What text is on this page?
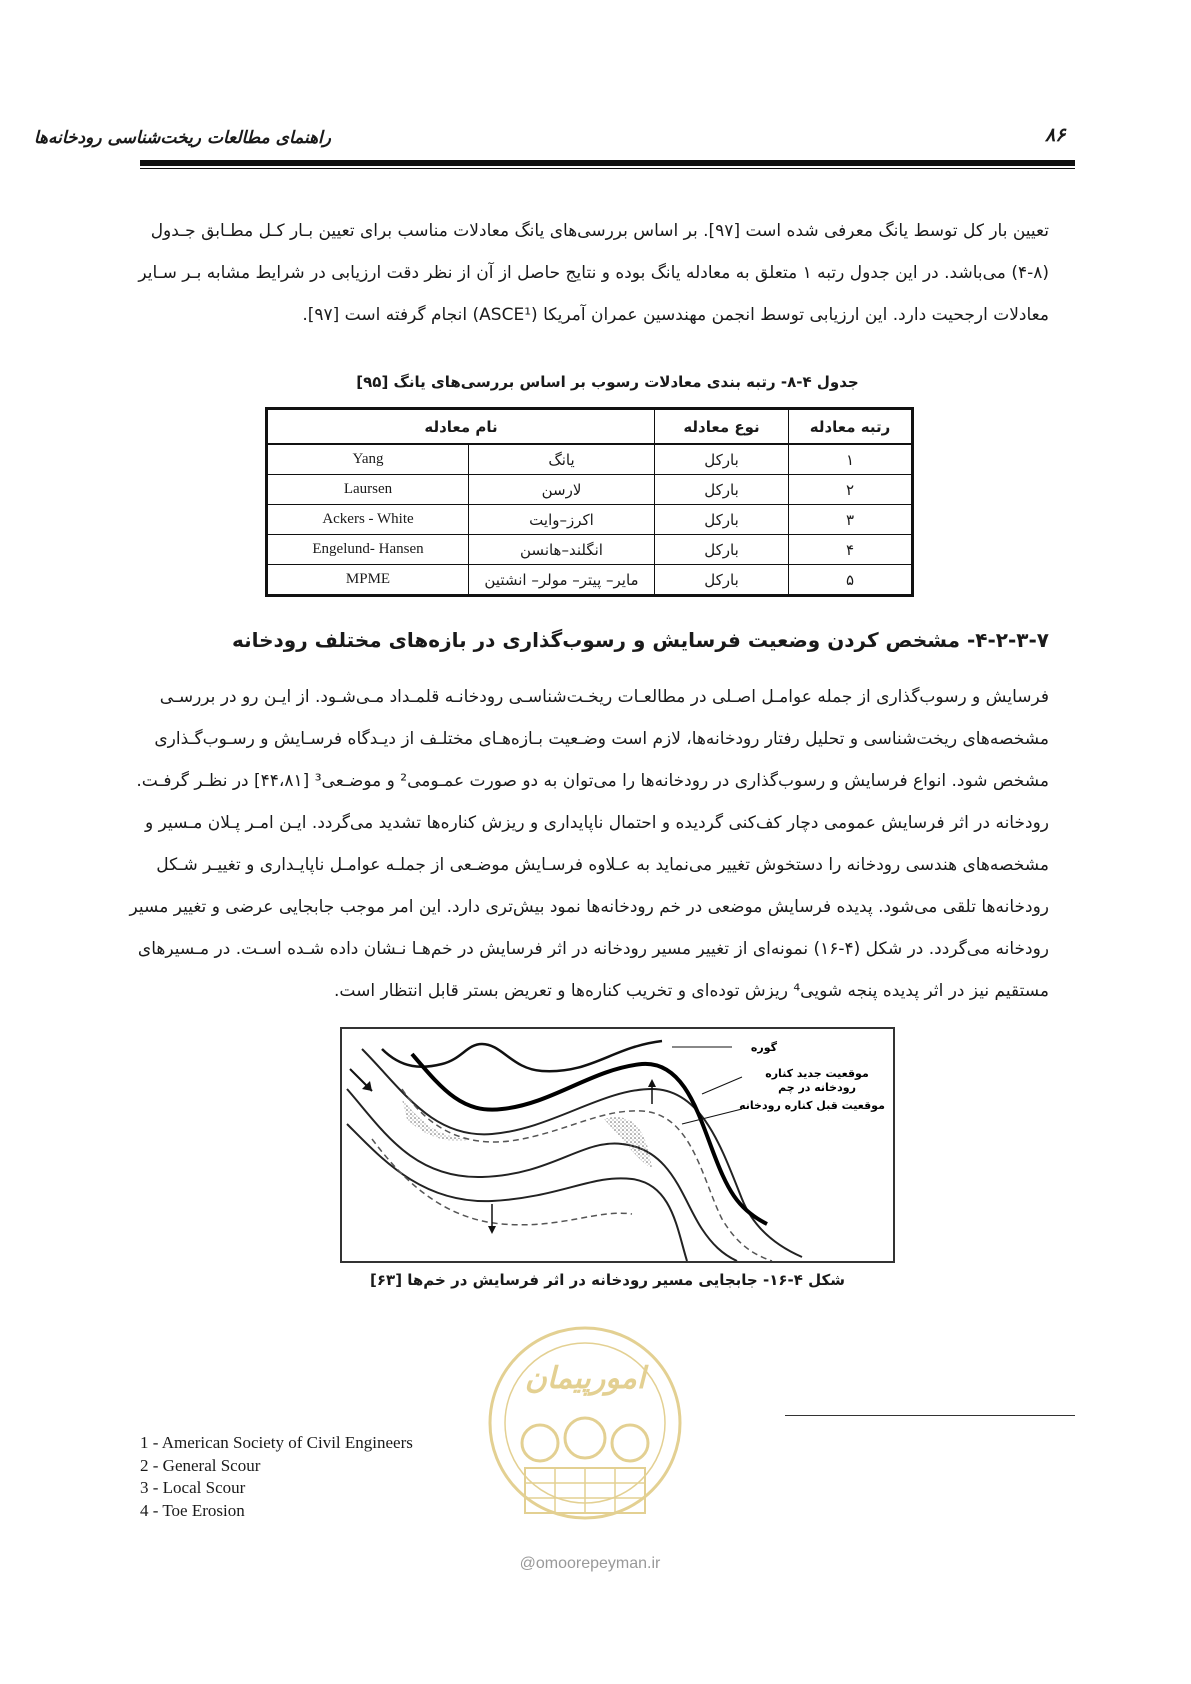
راهنمای مطالعات ریخت‌شناسی رودخانه‌ها	۸۶
تعیین بار کل توسط یانگ معرفی شده است [۹۷]. بر اساس بررسی‌های یانگ معادلات مناسب برای تعیین بـار کـل مطـابق جـدول
(۴-۸) می‌باشد. در این جدول رتبه ۱ متعلق به معادله یانگ بوده و نتایج حاصل از آن از نظر دقت ارزیابی در شرایط مشابه بـر سـایر
معادلات ارجحیت دارد. این ارزیابی توسط انجمن مهندسین عمران آمریکا (ASCE¹) انجام گرفته است [۹۷].
جدول ۴-۸- رتبه بندی معادلات رسوب بر اساس بررسی‌های یانگ [۹۵]
رتبه معادله	نوع معادله	نام معادله	
۱	بارکل	یانگ	Yang
۲	بارکل	لارسن	Laursen
۳	بارکل	اکرز–وایت	Ackers - White
۴	بارکل	انگلند–هانسن	Engelund- Hansen
۵	بارکل	مایر– پیتر– مولر– انشتین	MPME
۴-۲-۳-۷- مشخص کردن وضعیت فرسایش و رسوب‌گذاری در بازه‌های مختلف رودخانه
فرسایش و رسوب‌گذاری از جمله عوامـل اصـلی در مطالعـات ریخـت‌شناسـی رودخانـه قلمـداد مـی‌شـود. از ایـن رو در بررسـی
مشخصه‌های ریخت‌شناسی و تحلیل رفتار رودخانه‌ها، لازم است وضـعیت بـازه‌هـای مختلـف از دیـدگاه فرسـایش و رسـوب‌گـذاری
مشخص شود. انواع فرسایش و رسوب‌گذاری در رودخانه‌ها را می‌توان به دو صورت عمـومی² و موضـعی³ [۴۴،۸۱] در نظـر گرفـت.
رودخانه در اثر فرسایش عمومی دچار کف‌کنی گردیده و احتمال ناپایداری و ریزش کناره‌ها تشدید می‌گردد. ایـن امـر پـلان مـسیر و
مشخصه‌های هندسی رودخانه را دستخوش تغییر می‌نماید به عـلاوه فرسـایش موضـعی از جملـه عوامـل ناپایـداری و تغییـر شـکل
رودخانه‌ها تلقی می‌شود. پدیده فرسایش موضعی در خم رودخانه‌ها نمود بیش‌تری دارد. این امر موجب جابجایی عرضی و تغییر مسیر
رودخانه می‌گردد. در شکل (۴-۱۶) نمونه‌ای از تغییر مسیر رودخانه در اثر فرسایش در خم‌هـا نـشان داده شـده اسـت. در مـسیرهای
مستقیم نیز در اثر پدیده پنجه شویی⁴ ریزش توده‌ای و تخریب کناره‌ها و تعریض بستر قابل انتظار است.
گوره
موقعیت جدید کناره
رودخانه در چم
موقعیت قبل کناره رودخانه
شکل ۴-۱۶- جابجایی مسیر رودخانه در اثر فرسایش در خم‌ها [۶۳]
امورپیمان
@omoorepeyman.ir
1 - American Society of Civil Engineers
2 - General Scour
3 - Local Scour
4 - Toe Erosion
